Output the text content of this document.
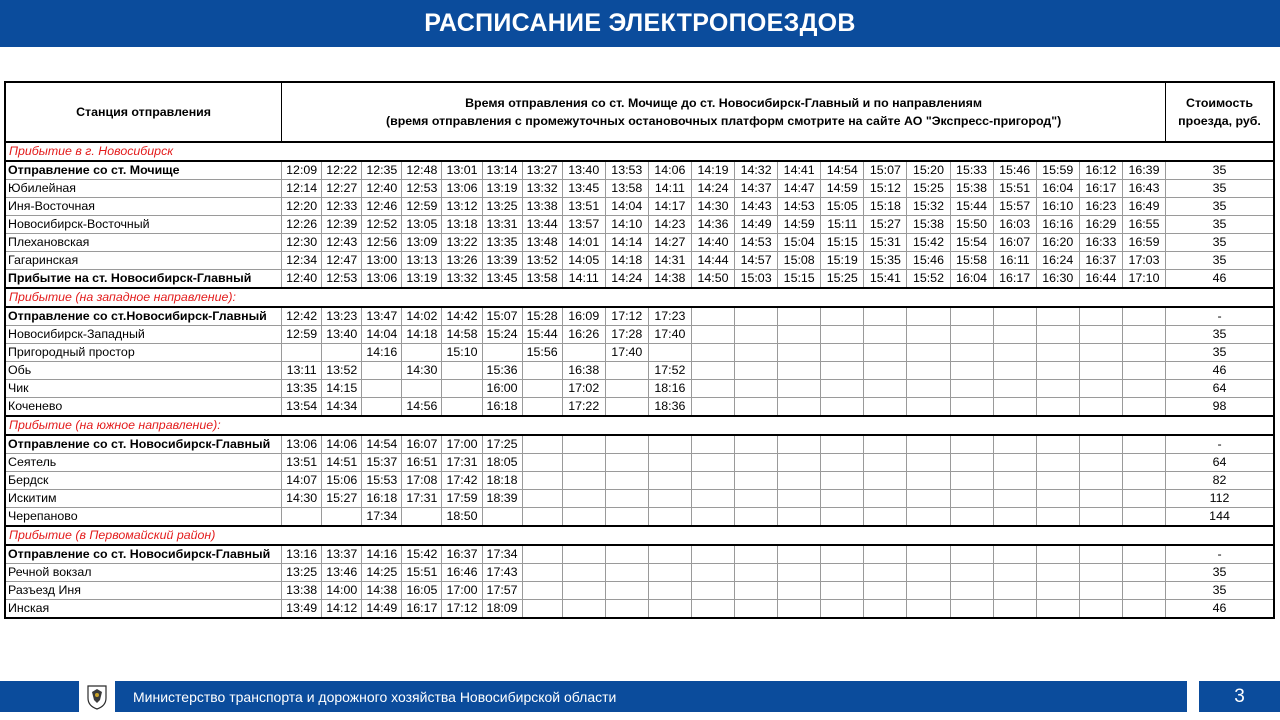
РАСПИСАНИЕ ЭЛЕКТРОПОЕЗДОВ
Станция отправления	Время отправления со ст. Мочище до ст. Новосибирск-Главный и по направлениям
(время отправления с промежуточных остановочных платформ смотрите на сайте АО "Экспресс-пригород")																					Стоимость проезда, руб.
Прибытие в г. Новосибирск																						
Отправление со ст. Мочище	12:09	12:22	12:35	12:48	13:01	13:14	13:27	13:40	13:53	14:06	14:19	14:32	14:41	14:54	15:07	15:20	15:33	15:46	15:59	16:12	16:39	35
Юбилейная	12:14	12:27	12:40	12:53	13:06	13:19	13:32	13:45	13:58	14:11	14:24	14:37	14:47	14:59	15:12	15:25	15:38	15:51	16:04	16:17	16:43	35
Иня-Восточная	12:20	12:33	12:46	12:59	13:12	13:25	13:38	13:51	14:04	14:17	14:30	14:43	14:53	15:05	15:18	15:32	15:44	15:57	16:10	16:23	16:49	35
Новосибирск-Восточный	12:26	12:39	12:52	13:05	13:18	13:31	13:44	13:57	14:10	14:23	14:36	14:49	14:59	15:11	15:27	15:38	15:50	16:03	16:16	16:29	16:55	35
Плехановская	12:30	12:43	12:56	13:09	13:22	13:35	13:48	14:01	14:14	14:27	14:40	14:53	15:04	15:15	15:31	15:42	15:54	16:07	16:20	16:33	16:59	35
Гагаринская	12:34	12:47	13:00	13:13	13:26	13:39	13:52	14:05	14:18	14:31	14:44	14:57	15:08	15:19	15:35	15:46	15:58	16:11	16:24	16:37	17:03	35
Прибытие на ст. Новосибирск-Главный	12:40	12:53	13:06	13:19	13:32	13:45	13:58	14:11	14:24	14:38	14:50	15:03	15:15	15:25	15:41	15:52	16:04	16:17	16:30	16:44	17:10	46
Прибытие (на западное направление):																						
Отправление со ст.Новосибирск-Главный	12:42	13:23	13:47	14:02	14:42	15:07	15:28	16:09	17:12	17:23												-
Новосибирск-Западный	12:59	13:40	14:04	14:18	14:58	15:24	15:44	16:26	17:28	17:40												35
Пригородный простор			14:16		15:10		15:56		17:40													35
Обь	13:11	13:52		14:30		15:36		16:38		17:52												46
Чик	13:35	14:15				16:00		17:02		18:16												64
Коченево	13:54	14:34		14:56		16:18		17:22		18:36												98
Прибытие (на южное направление):																						
Отправление со ст. Новосибирск-Главный	13:06	14:06	14:54	16:07	17:00	17:25																-
Сеятель	13:51	14:51	15:37	16:51	17:31	18:05																64
Бердск	14:07	15:06	15:53	17:08	17:42	18:18																82
Искитим	14:30	15:27	16:18	17:31	17:59	18:39																112
Черепаново			17:34		18:50																	144
Прибытие (в Первомайский район)																						
Отправление со ст. Новосибирск-Главный	13:16	13:37	14:16	15:42	16:37	17:34																-
Речной вокзал	13:25	13:46	14:25	15:51	16:46	17:43																35
Разъезд Иня	13:38	14:00	14:38	16:05	17:00	17:57																35
Инская	13:49	14:12	14:49	16:17	17:12	18:09																46
Министерство транспорта и дорожного хозяйства Новосибирской области	3
